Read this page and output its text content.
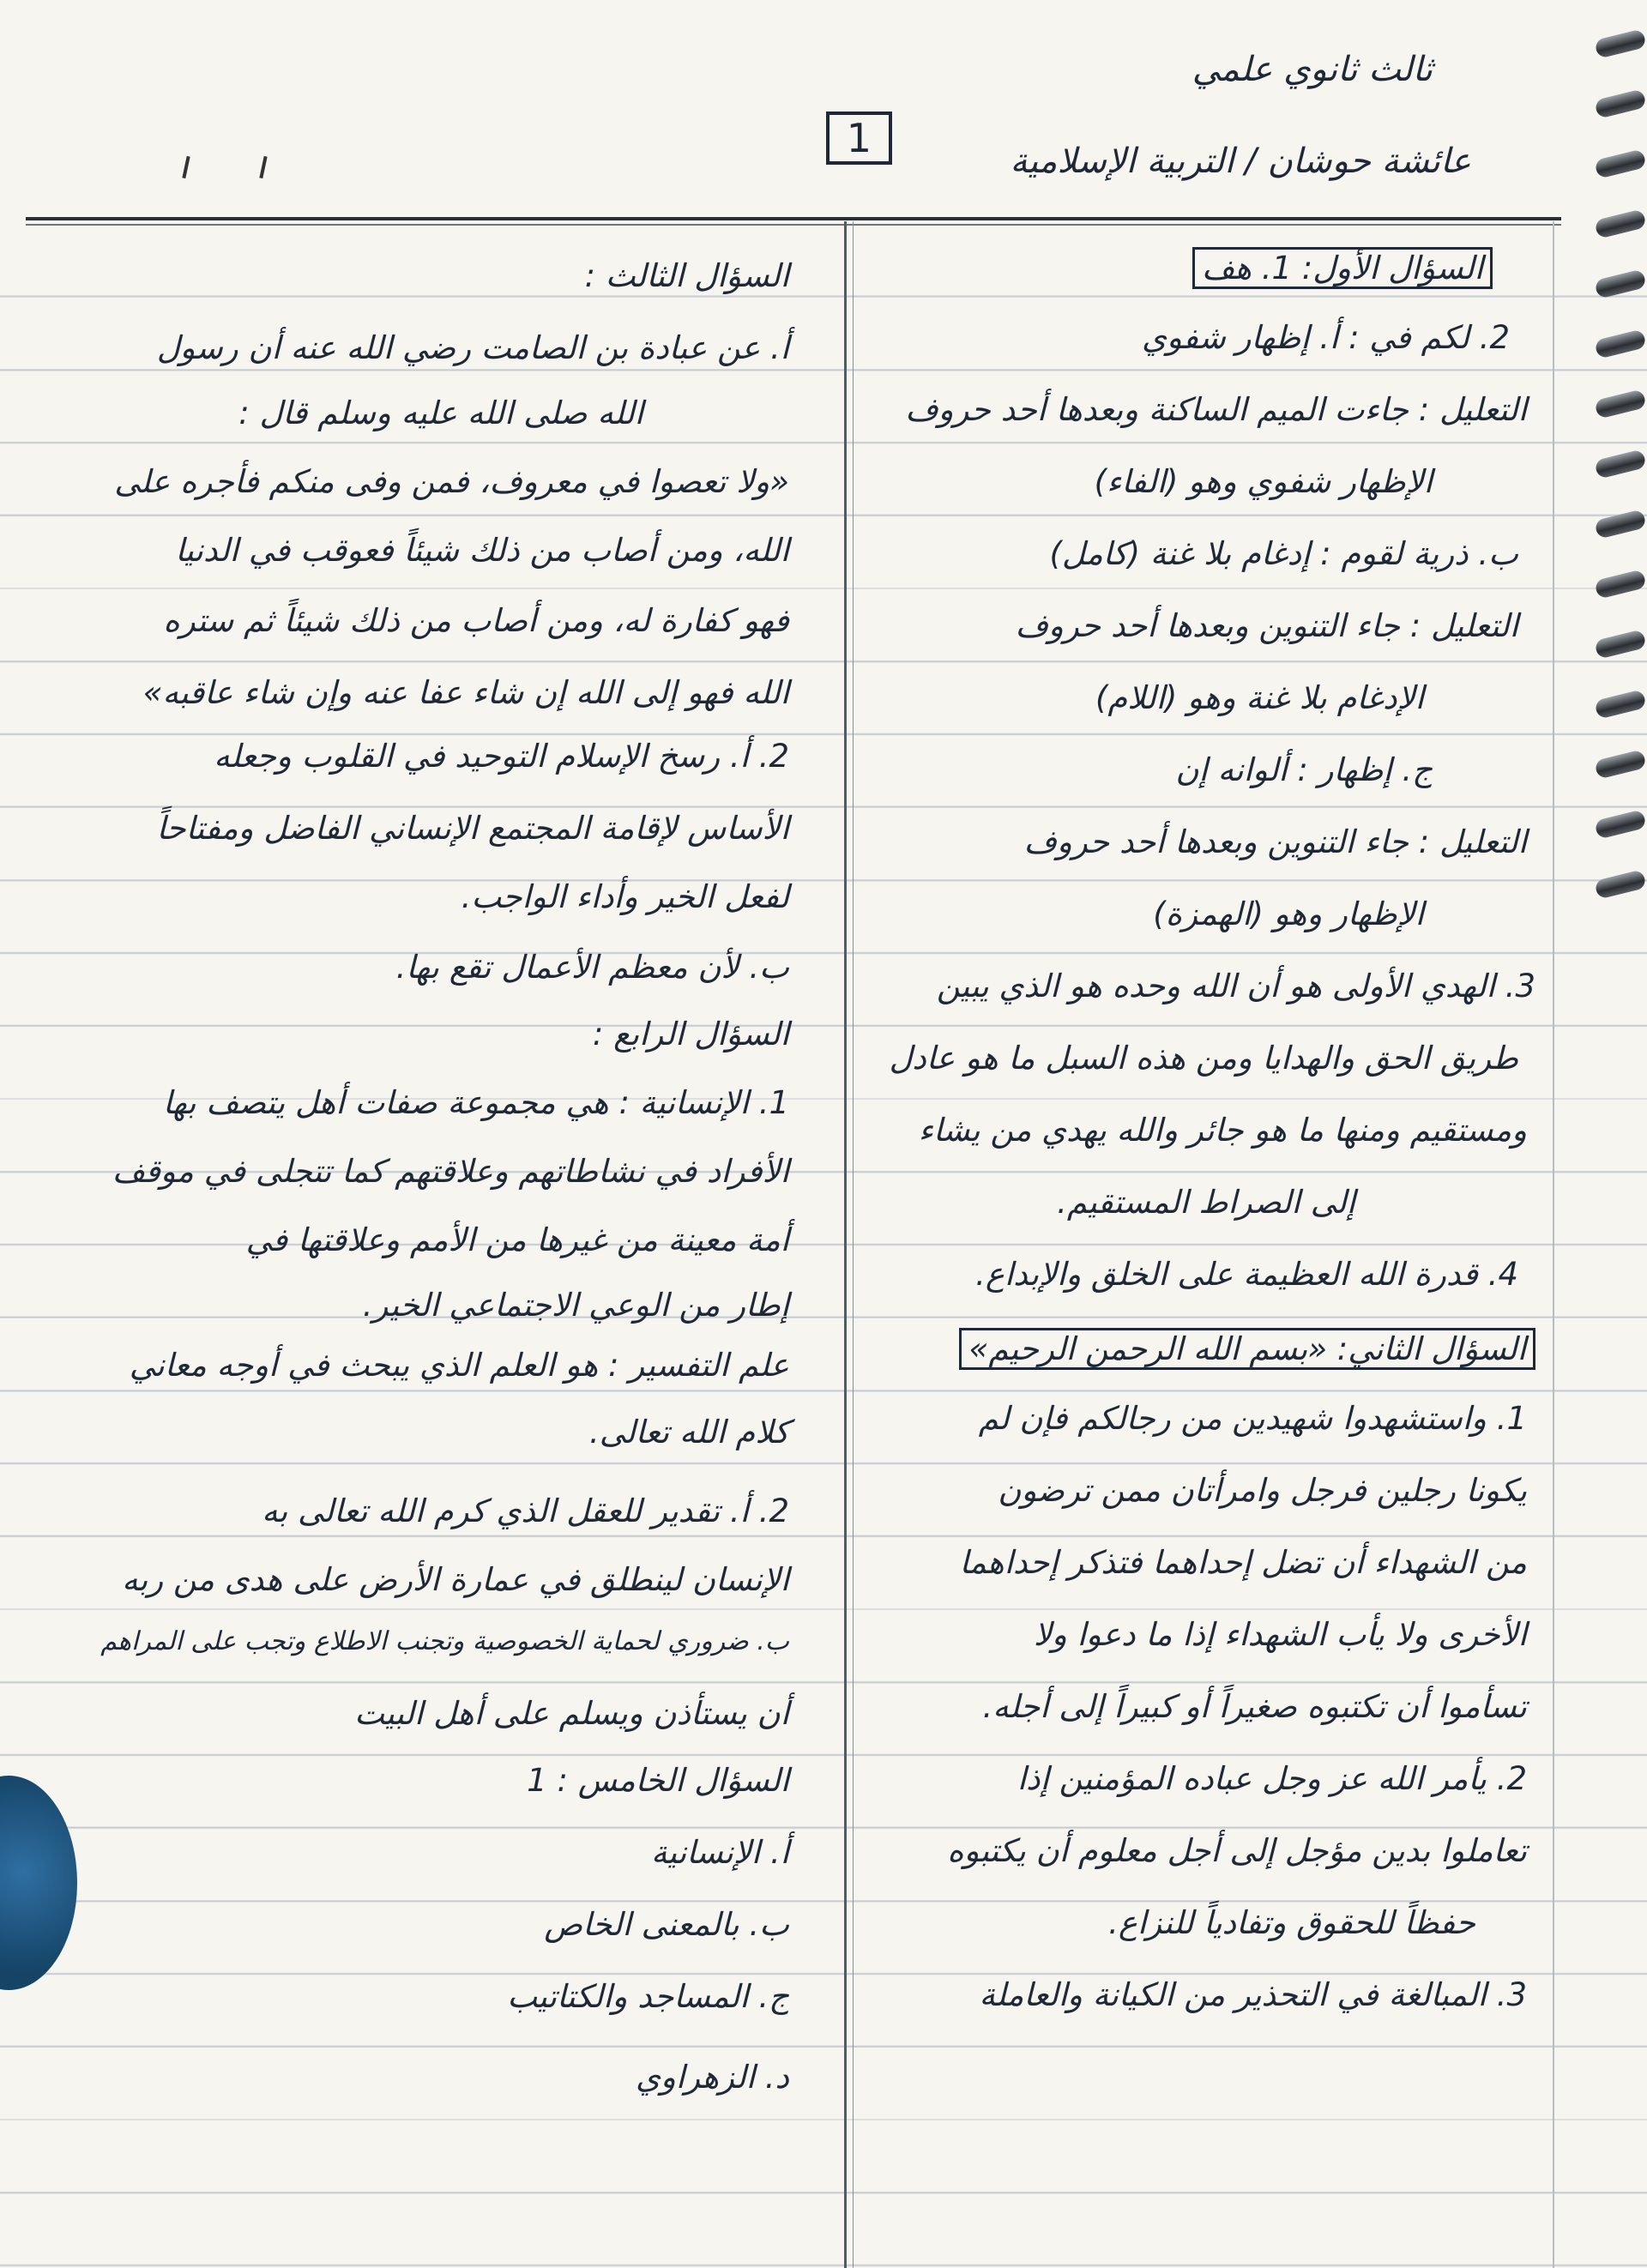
ثالث ثانوي علمي
1	عائشة حوشان / التربية الإسلامية
السؤال الأول: 1. هف
2. لكم في : أ. إظهار شفوي
التعليل : جاءت الميم الساكنة وبعدها أحد حروف
الإظهار شفوي وهو (الفاء)
ب. ذرية لقوم : إدغام بلا غنة (كامل)
التعليل : جاء التنوين وبعدها أحد حروف
الإدغام بلا غنة وهو (اللام)
ج. إظهار : ألوانه إن
التعليل : جاء التنوين وبعدها أحد حروف
الإظهار وهو (الهمزة)
3. الهدي الأولى هو أن الله وحده هو الذي يبين
طريق الحق والهدايا ومن هذه السبل ما هو عادل
ومستقيم ومنها ما هو جائر والله يهدي من يشاء
إلى الصراط المستقيم.
4. قدرة الله العظيمة على الخلق والإبداع.
السؤال الثاني: «بسم الله الرحمن الرحيم»
1. واستشهدوا شهيدين من رجالكم فإن لم
يكونا رجلين فرجل وامرأتان ممن ترضون
من الشهداء أن تضل إحداهما فتذكر إحداهما
الأخرى ولا يأب الشهداء إذا ما دعوا ولا
تسأموا أن تكتبوه صغيراً أو كبيراً إلى أجله.
2. يأمر الله عز وجل عباده المؤمنين إذا
تعاملوا بدين مؤجل إلى أجل معلوم أن يكتبوه
حفظاً للحقوق وتفادياً للنزاع.
3. المبالغة في التحذير من الكيانة والعاملة
السؤال الثالث :
أ. عن عبادة بن الصامت رضي الله عنه أن رسول
الله صلى الله عليه وسلم قال :
«ولا تعصوا في معروف، فمن وفى منكم فأجره على
الله، ومن أصاب من ذلك شيئاً فعوقب في الدنيا
فهو كفارة له، ومن أصاب من ذلك شيئاً ثم ستره
الله فهو إلى الله إن شاء عفا عنه وإن شاء عاقبه»
2. أ. رسخ الإسلام التوحيد في القلوب وجعله
الأساس لإقامة المجتمع الإنساني الفاضل ومفتاحاً
لفعل الخير وأداء الواجب.
ب. لأن معظم الأعمال تقع بها.
السؤال الرابع :
1. الإنسانية : هي مجموعة صفات أهل يتصف بها
الأفراد في نشاطاتهم وعلاقتهم كما تتجلى في موقف
أمة معينة من غيرها من الأمم وعلاقتها في
إطار من الوعي الاجتماعي الخير.
علم التفسير : هو العلم الذي يبحث في أوجه معاني
كلام الله تعالى.
2. أ. تقدير للعقل الذي كرم الله تعالى به
الإنسان لينطلق في عمارة الأرض على هدى من ربه
ب. ضروري لحماية الخصوصية وتجنب الاطلاع وتجب على المراهم
أن يستأذن ويسلم على أهل البيت
السؤال الخامس : 1
أ. الإنسانية
ب. بالمعنى الخاص
ج. المساجد والكتاتيب
د. الزهراوي
